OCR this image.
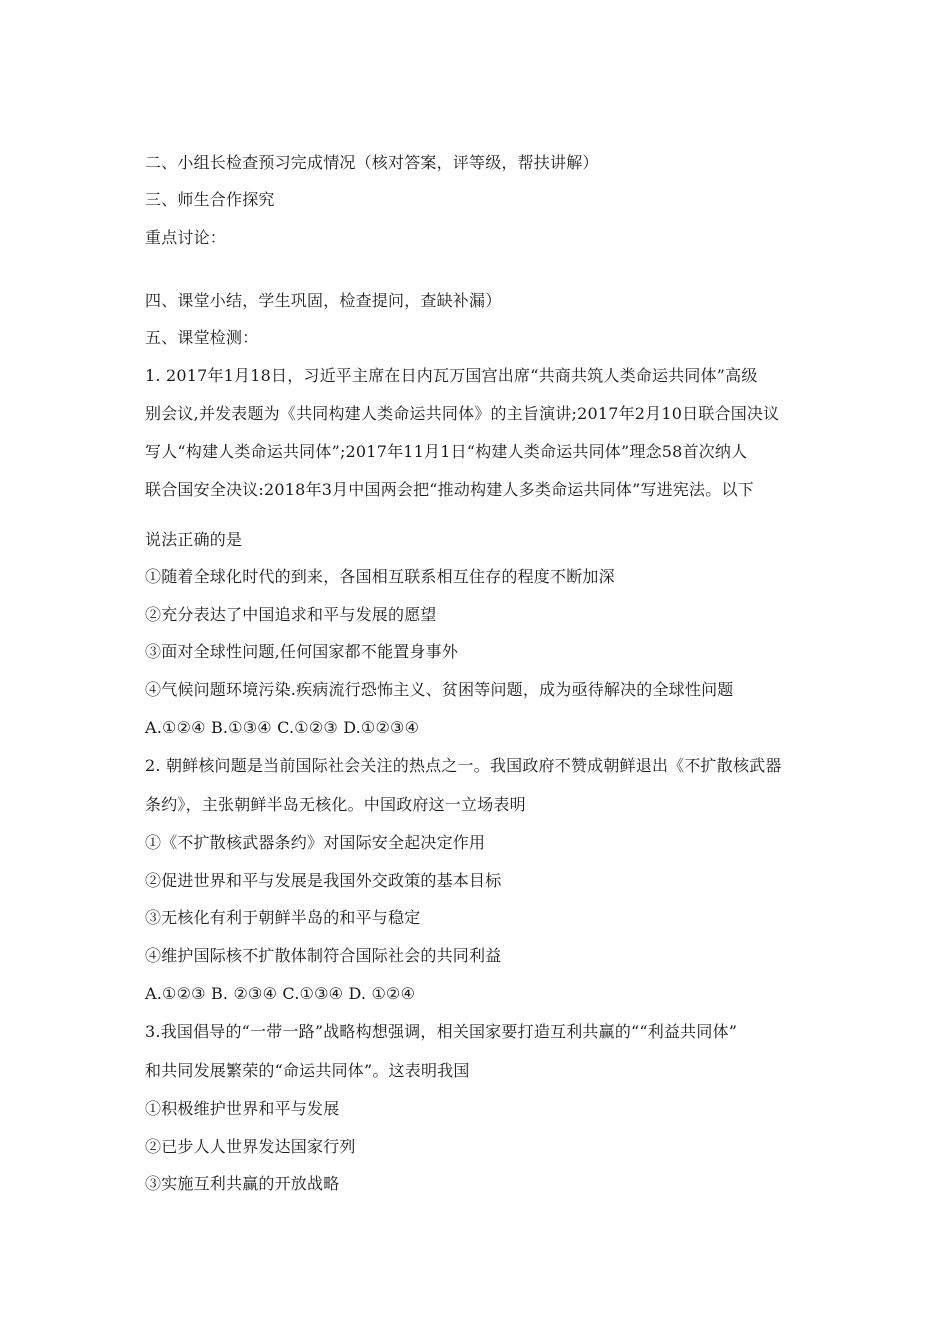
二、小组长检查预习完成情况（核对答案，评等级，帮扶讲解）
三、师生合作探究
重点讨论：
四、课堂小结，学生巩固，检查提问，查缺补漏）
五、课堂检测：
1. 2017年1月18日，习近平主席在日内瓦万国宫出席“共商共筑人类命运共同体”高级
别会议,并发表题为《共同构建人类命运共同体》的主旨演讲;2017年2月10日联合国决议
写人“构建人类命运共同体”;2017年11月1日“构建人类命运共同体”理念58首次纳人
联合国安全决议:2018年3月中国两会把“推动构建人多类命运共同体”写进宪法。以下
说法正确的是
①随着全球化时代的到来，各国相互联系相互住存的程度不断加深
②充分表达了中国追求和平与发展的愿望
③面对全球性问题,任何国家都不能置身事外
④气候问题环境污染.疾病流行恐怖主义、贫困等问题，成为亟待解决的全球性问题
A.①②④ B.①③④ C.①②③ D.①②③④
2. 朝鲜核问题是当前国际社会关注的热点之一。我国政府不赞成朝鲜退出《不扩散核武器
条约》，主张朝鲜半岛无核化。中国政府这一立场表明
①《不扩散核武器条约》对国际安全起决定作用
②促进世界和平与发展是我国外交政策的基本目标
③无核化有利于朝鲜半岛的和平与稳定
④维护国际核不扩散体制符合国际社会的共同利益
A.①②③ B. ②③④ C.①③④ D. ①②④
3.我国倡导的“一带一路”战略构想强调，相关国家要打造互利共赢的““利益共同体”
和共同发展繁荣的“命运共同体”。这表明我国
①积极维护世界和平与发展
②已步人人世界发达国家行列
③实施互利共赢的开放战略
